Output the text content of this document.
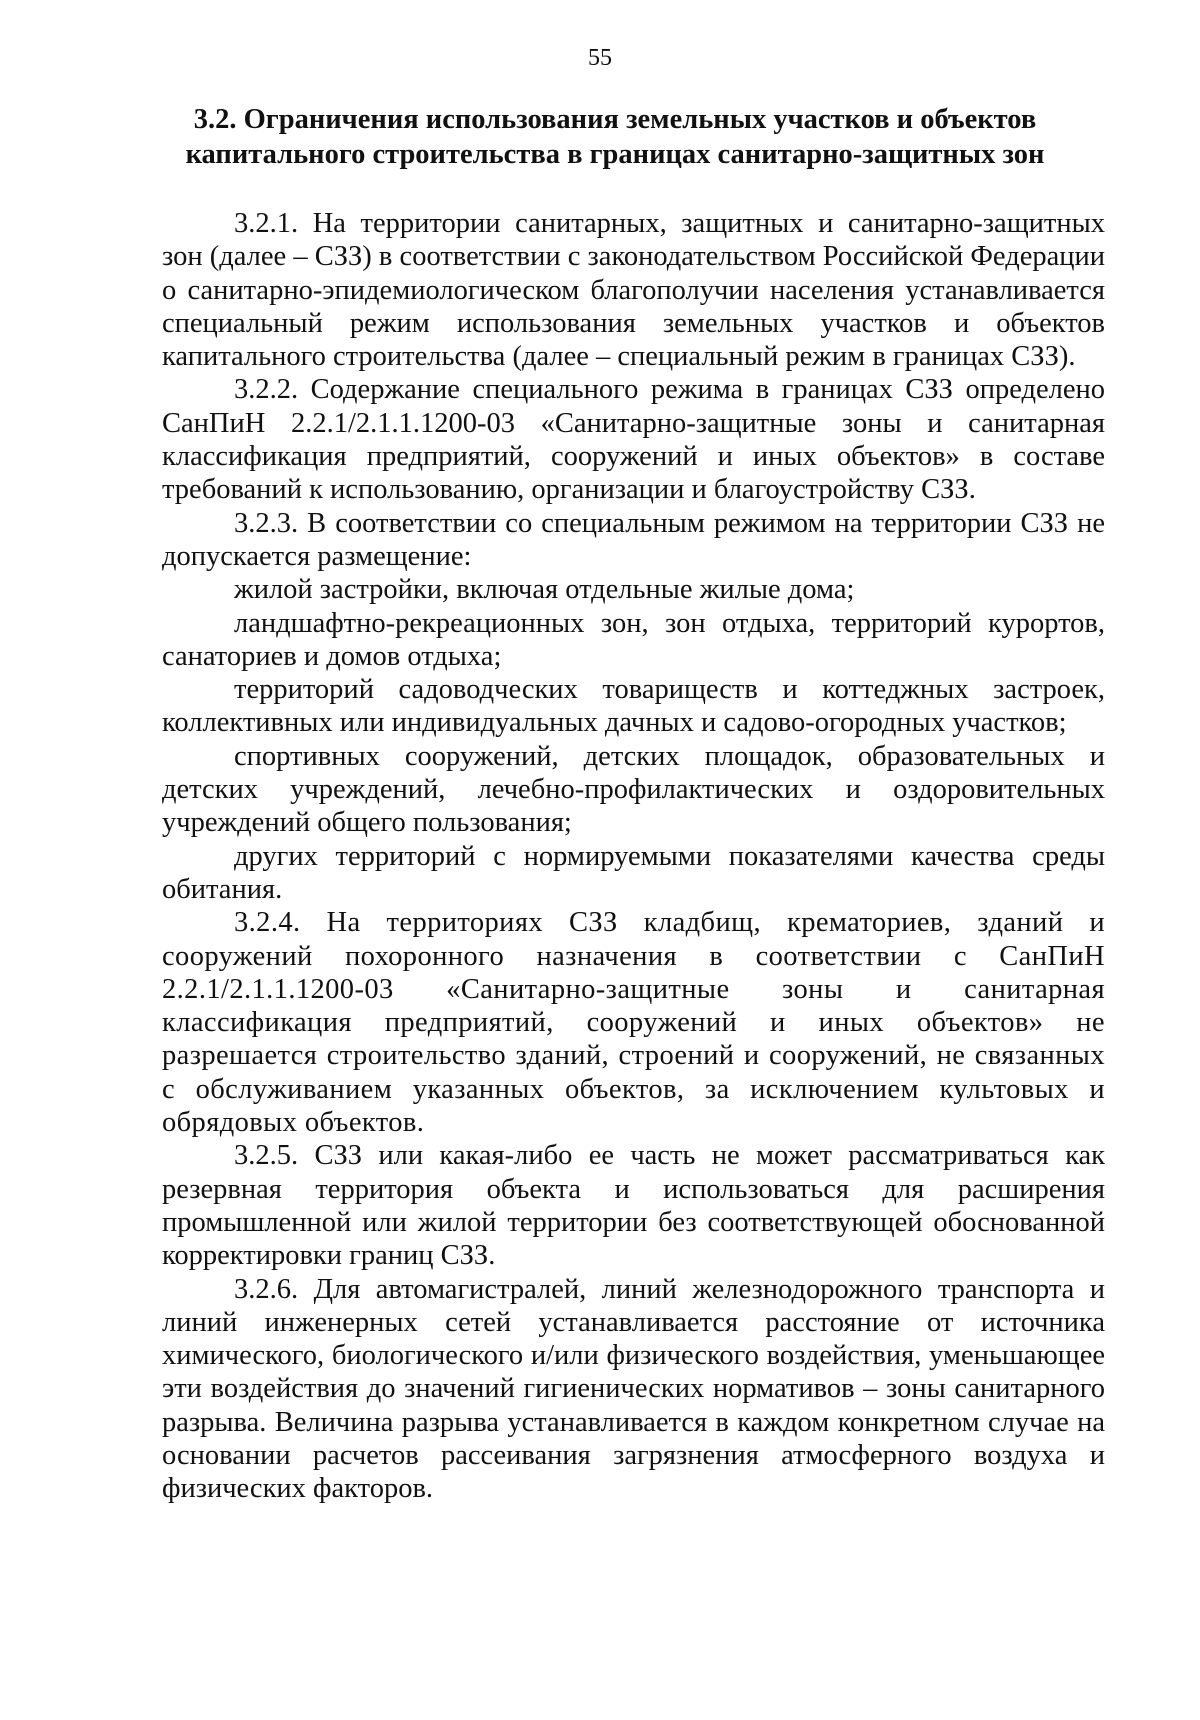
55
3.2. Ограничения использования земельных участков и объектов капитального строительства в границах санитарно-защитных зон

3.2.1. На территории санитарных, защитных и санитарно-защитных зон (далее – СЗЗ) в соответствии с законодательством Российской Федерации о санитарно-эпидемиологическом благополучии населения устанавливается специальный режим использования земельных участков и объектов капитального строительства (далее – специальный режим в границах СЗЗ).

3.2.2. Содержание специального режима в границах СЗЗ определено СанПиН 2.2.1/2.1.1.1200-03 «Санитарно-защитные зоны и санитарная классификация предприятий, сооружений и иных объектов» в составе требований к использованию, организации и благоустройству СЗЗ.

3.2.3. В соответствии со специальным режимом на территории СЗЗ не допускается размещение:

жилой застройки, включая отдельные жилые дома;

ландшафтно-рекреационных зон, зон отдыха, территорий курортов, санаториев и домов отдыха;

территорий садоводческих товариществ и коттеджных застроек, коллективных или индивидуальных дачных и садово-огородных участков;

спортивных сооружений, детских площадок, образовательных и детских учреждений, лечебно-профилактических и оздоровительных учреждений общего пользования;

других территорий с нормируемыми показателями качества среды обитания.

3.2.4. На территориях СЗЗ кладбищ, крематориев, зданий и сооружений похоронного назначения в соответствии с СанПиН 2.2.1/2.1.1.1200-03 «Санитарно-защитные зоны и санитарная классификация предприятий, сооружений и иных объектов» не разрешается строительство зданий, строений и сооружений, не связанных с обслуживанием указанных объектов, за исключением культовых и обрядовых объектов.

3.2.5. СЗЗ или какая-либо ее часть не может рассматриваться как резервная территория объекта и использоваться для расширения промышленной или жилой территории без соответствующей обоснованной корректировки границ СЗЗ.

3.2.6. Для автомагистралей, линий железнодорожного транспорта и линий инженерных сетей устанавливается расстояние от источника химического, биологического и/или физического воздействия, уменьшающее эти воздействия до значений гигиенических нормативов – зоны санитарного разрыва. Величина разрыва устанавливается в каждом конкретном случае на основании расчетов рассеивания загрязнения атмосферного воздуха и физических факторов.
